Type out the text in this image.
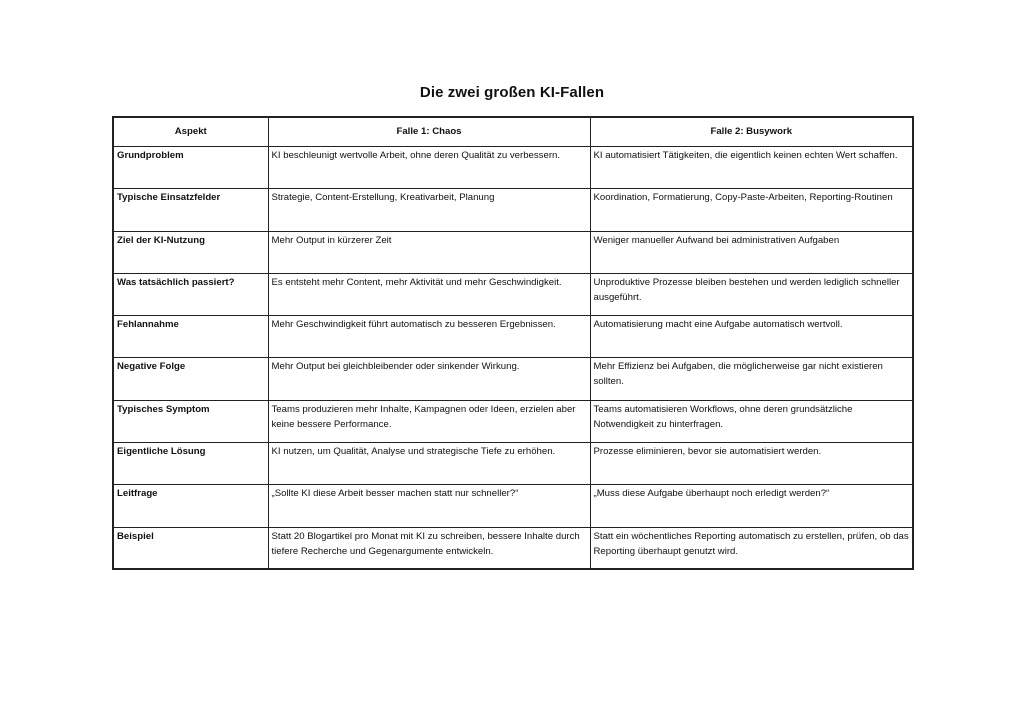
Die zwei großen KI-Fallen
Aspekt	Falle 1: Chaos	Falle 2: Busywork
Grundproblem	KI beschleunigt wertvolle Arbeit, ohne deren Qualität zu verbessern.	KI automatisiert Tätigkeiten, die eigentlich keinen echten Wert schaffen.
Typische Einsatzfelder	Strategie, Content-Erstellung, Kreativarbeit, Planung	Koordination, Formatierung, Copy-Paste-Arbeiten, Reporting-Routinen
Ziel der KI-Nutzung	Mehr Output in kürzerer Zeit	Weniger manueller Aufwand bei administrativen Aufgaben
Was tatsächlich passiert?	Es entsteht mehr Content, mehr Aktivität und mehr Geschwindigkeit.	Unproduktive Prozesse bleiben bestehen und werden lediglich schneller ausgeführt.
Fehlannahme	Mehr Geschwindigkeit führt automatisch zu besseren Ergebnissen.	Automatisierung macht eine Aufgabe automatisch wertvoll.
Negative Folge	Mehr Output bei gleichbleibender oder sinkender Wirkung.	Mehr Effizienz bei Aufgaben, die möglicherweise gar nicht existieren sollten.
Typisches Symptom	Teams produzieren mehr Inhalte, Kampagnen oder Ideen, erzielen aber keine bessere Performance.	Teams automatisieren Workflows, ohne deren grundsätzliche Notwendigkeit zu hinterfragen.
Eigentliche Lösung	KI nutzen, um Qualität, Analyse und strategische Tiefe zu erhöhen.	Prozesse eliminieren, bevor sie automatisiert werden.
Leitfrage	„Sollte KI diese Arbeit besser machen statt nur schneller?“	„Muss diese Aufgabe überhaupt noch erledigt werden?“
Beispiel	Statt 20 Blogartikel pro Monat mit KI zu schreiben, bessere Inhalte durch tiefere Recherche und Gegenargumente entwickeln.	Statt ein wöchentliches Reporting automatisch zu erstellen, prüfen, ob das Reporting überhaupt genutzt wird.
